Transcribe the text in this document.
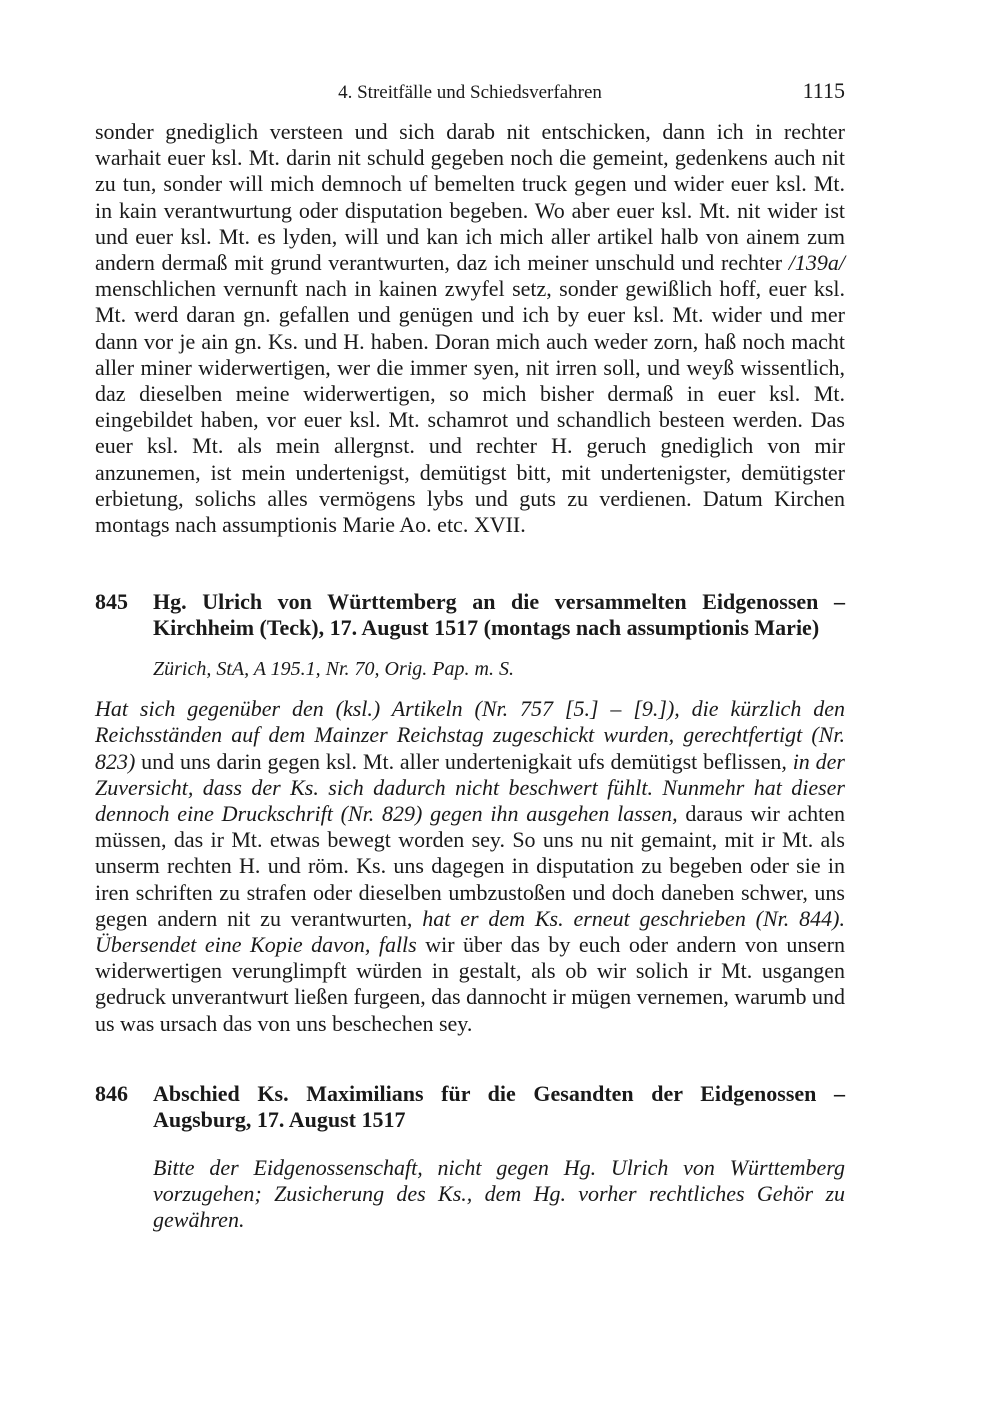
4. Streitfälle und Schiedsverfahren	1115

sonder gnediglich versteen und sich darab nit entschicken, dann ich in rechter warhait euer ksl. Mt. darin nit schuld gegeben noch die gemeint, gedenkens auch nit zu tun, sonder will mich demnoch uf bemelten truck gegen und wider euer ksl. Mt. in kain verantwurtung oder disputation begeben. Wo aber euer ksl. Mt. nit wider ist und euer ksl. Mt. es lyden, will und kan ich mich aller artikel halb von ainem zum andern dermaß mit grund verantwurten, daz ich meiner unschuld und rechter /139a/ menschlichen vernunft nach in kainen zwyfel setz, sonder gewißlich hoff, euer ksl. Mt. werd daran gn. gefallen und genügen und ich by euer ksl. Mt. wider und mer dann vor je ain gn. Ks. und H. haben. Doran mich auch weder zorn, haß noch macht aller miner widerwertigen, wer die immer syen, nit irren soll, und weyß wissentlich, daz dieselben meine widerwertigen, so mich bisher dermaß in euer ksl. Mt. eingebildet haben, vor euer ksl. Mt. schamrot und schandlich besteen werden. Das euer ksl. Mt. als mein allergnst. und rechter H. geruch gnediglich von mir anzunemen, ist mein undertenigst, demütigst bitt, mit undertenigster, demütigster erbietung, solichs alles vermögens lybs und guts zu verdienen. Datum Kirchen montags nach assumptionis Marie Ao. etc. XVII.

845	Hg. Ulrich von Württemberg an die versammelten Eidgenossen – Kirchheim (Teck), 17. August 1517 (montags nach assumptionis Marie)
Zürich, StA, A 195.1, Nr. 70, Orig. Pap. m. S.

Hat sich gegenüber den (ksl.) Artikeln (Nr. 757 [5.] – [9.]), die kürzlich den Reichsständen auf dem Mainzer Reichstag zugeschickt wurden, gerechtfertigt (Nr. 823) und uns darin gegen ksl. Mt. aller undertenigkait ufs demütigst beflissen, in der Zuversicht, dass der Ks. sich dadurch nicht beschwert fühlt. Nunmehr hat dieser dennoch eine Druckschrift (Nr. 829) gegen ihn ausgehen lassen, daraus wir achten müssen, das ir Mt. etwas bewegt worden sey. So uns nu nit gemaint, mit ir Mt. als unserm rechten H. und röm. Ks. uns dagegen in disputation zu begeben oder sie in iren schriften zu strafen oder dieselben umbzustoßen und doch daneben schwer, uns gegen andern nit zu verantwurten, hat er dem Ks. erneut geschrieben (Nr. 844). Übersendet eine Kopie davon, falls wir über das by euch oder andern von unsern widerwertigen verunglimpft würden in gestalt, als ob wir solich ir Mt. usgangen gedruck unverantwurt ließen furgeen, das dannocht ir mügen vernemen, warumb und us was ursach das von uns beschechen sey.

846	Abschied Ks. Maximilians für die Gesandten der Eidgenossen – Augsburg, 17. August 1517
Bitte der Eidgenossenschaft, nicht gegen Hg. Ulrich von Württemberg vorzugehen; Zusicherung des Ks., dem Hg. vorher rechtliches Gehör zu gewähren.
